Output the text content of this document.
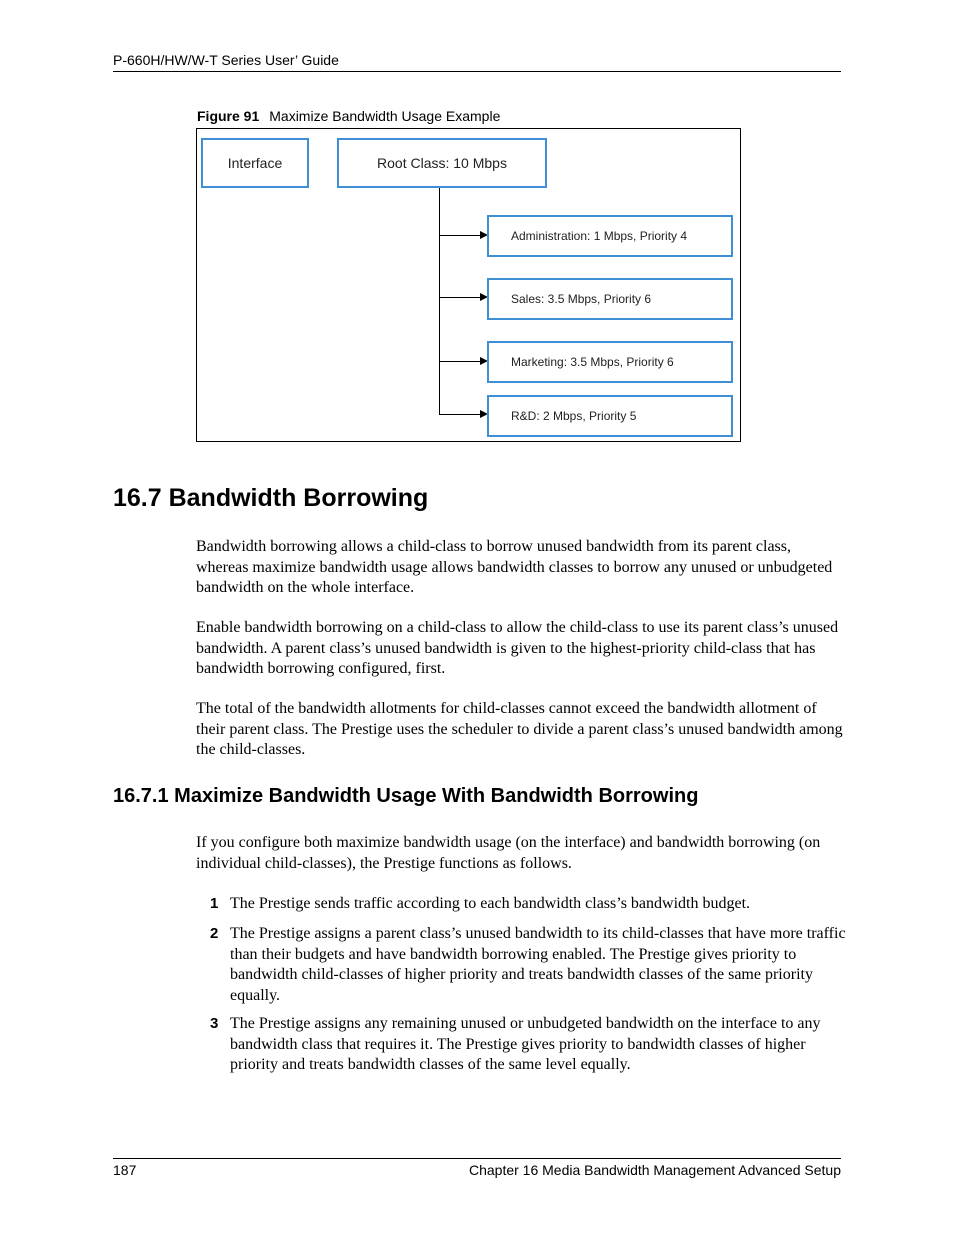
P-660H/HW/W-T Series User’ Guide
Figure 91 Maximize Bandwidth Usage Example
Interface	Root Class: 10 Mbps
Administration: 1 Mbps, Priority 4
Sales: 3.5 Mbps, Priority 6
Marketing: 3.5 Mbps, Priority 6
R&D: 2 Mbps, Priority 5
16.7 Bandwidth Borrowing
Bandwidth borrowing allows a child-class to borrow unused bandwidth from its parent class, whereas maximize bandwidth usage allows bandwidth classes to borrow any unused or unbudgeted bandwidth on the whole interface.
Enable bandwidth borrowing on a child-class to allow the child-class to use its parent class’s unused bandwidth. A parent class’s unused bandwidth is given to the highest-priority child-class that has bandwidth borrowing configured, first.
The total of the bandwidth allotments for child-classes cannot exceed the bandwidth allotment of their parent class. The Prestige uses the scheduler to divide a parent class’s unused bandwidth among the child-classes.
16.7.1 Maximize Bandwidth Usage With Bandwidth Borrowing
If you configure both maximize bandwidth usage (on the interface) and bandwidth borrowing (on individual child-classes), the Prestige functions as follows.
1 The Prestige sends traffic according to each bandwidth class’s bandwidth budget.
2 The Prestige assigns a parent class’s unused bandwidth to its child-classes that have more traffic than their budgets and have bandwidth borrowing enabled. The Prestige gives priority to bandwidth child-classes of higher priority and treats bandwidth classes of the same priority equally.
3 The Prestige assigns any remaining unused or unbudgeted bandwidth on the interface to any bandwidth class that requires it. The Prestige gives priority to bandwidth classes of higher priority and treats bandwidth classes of the same level equally.
187	Chapter 16 Media Bandwidth Management Advanced Setup
